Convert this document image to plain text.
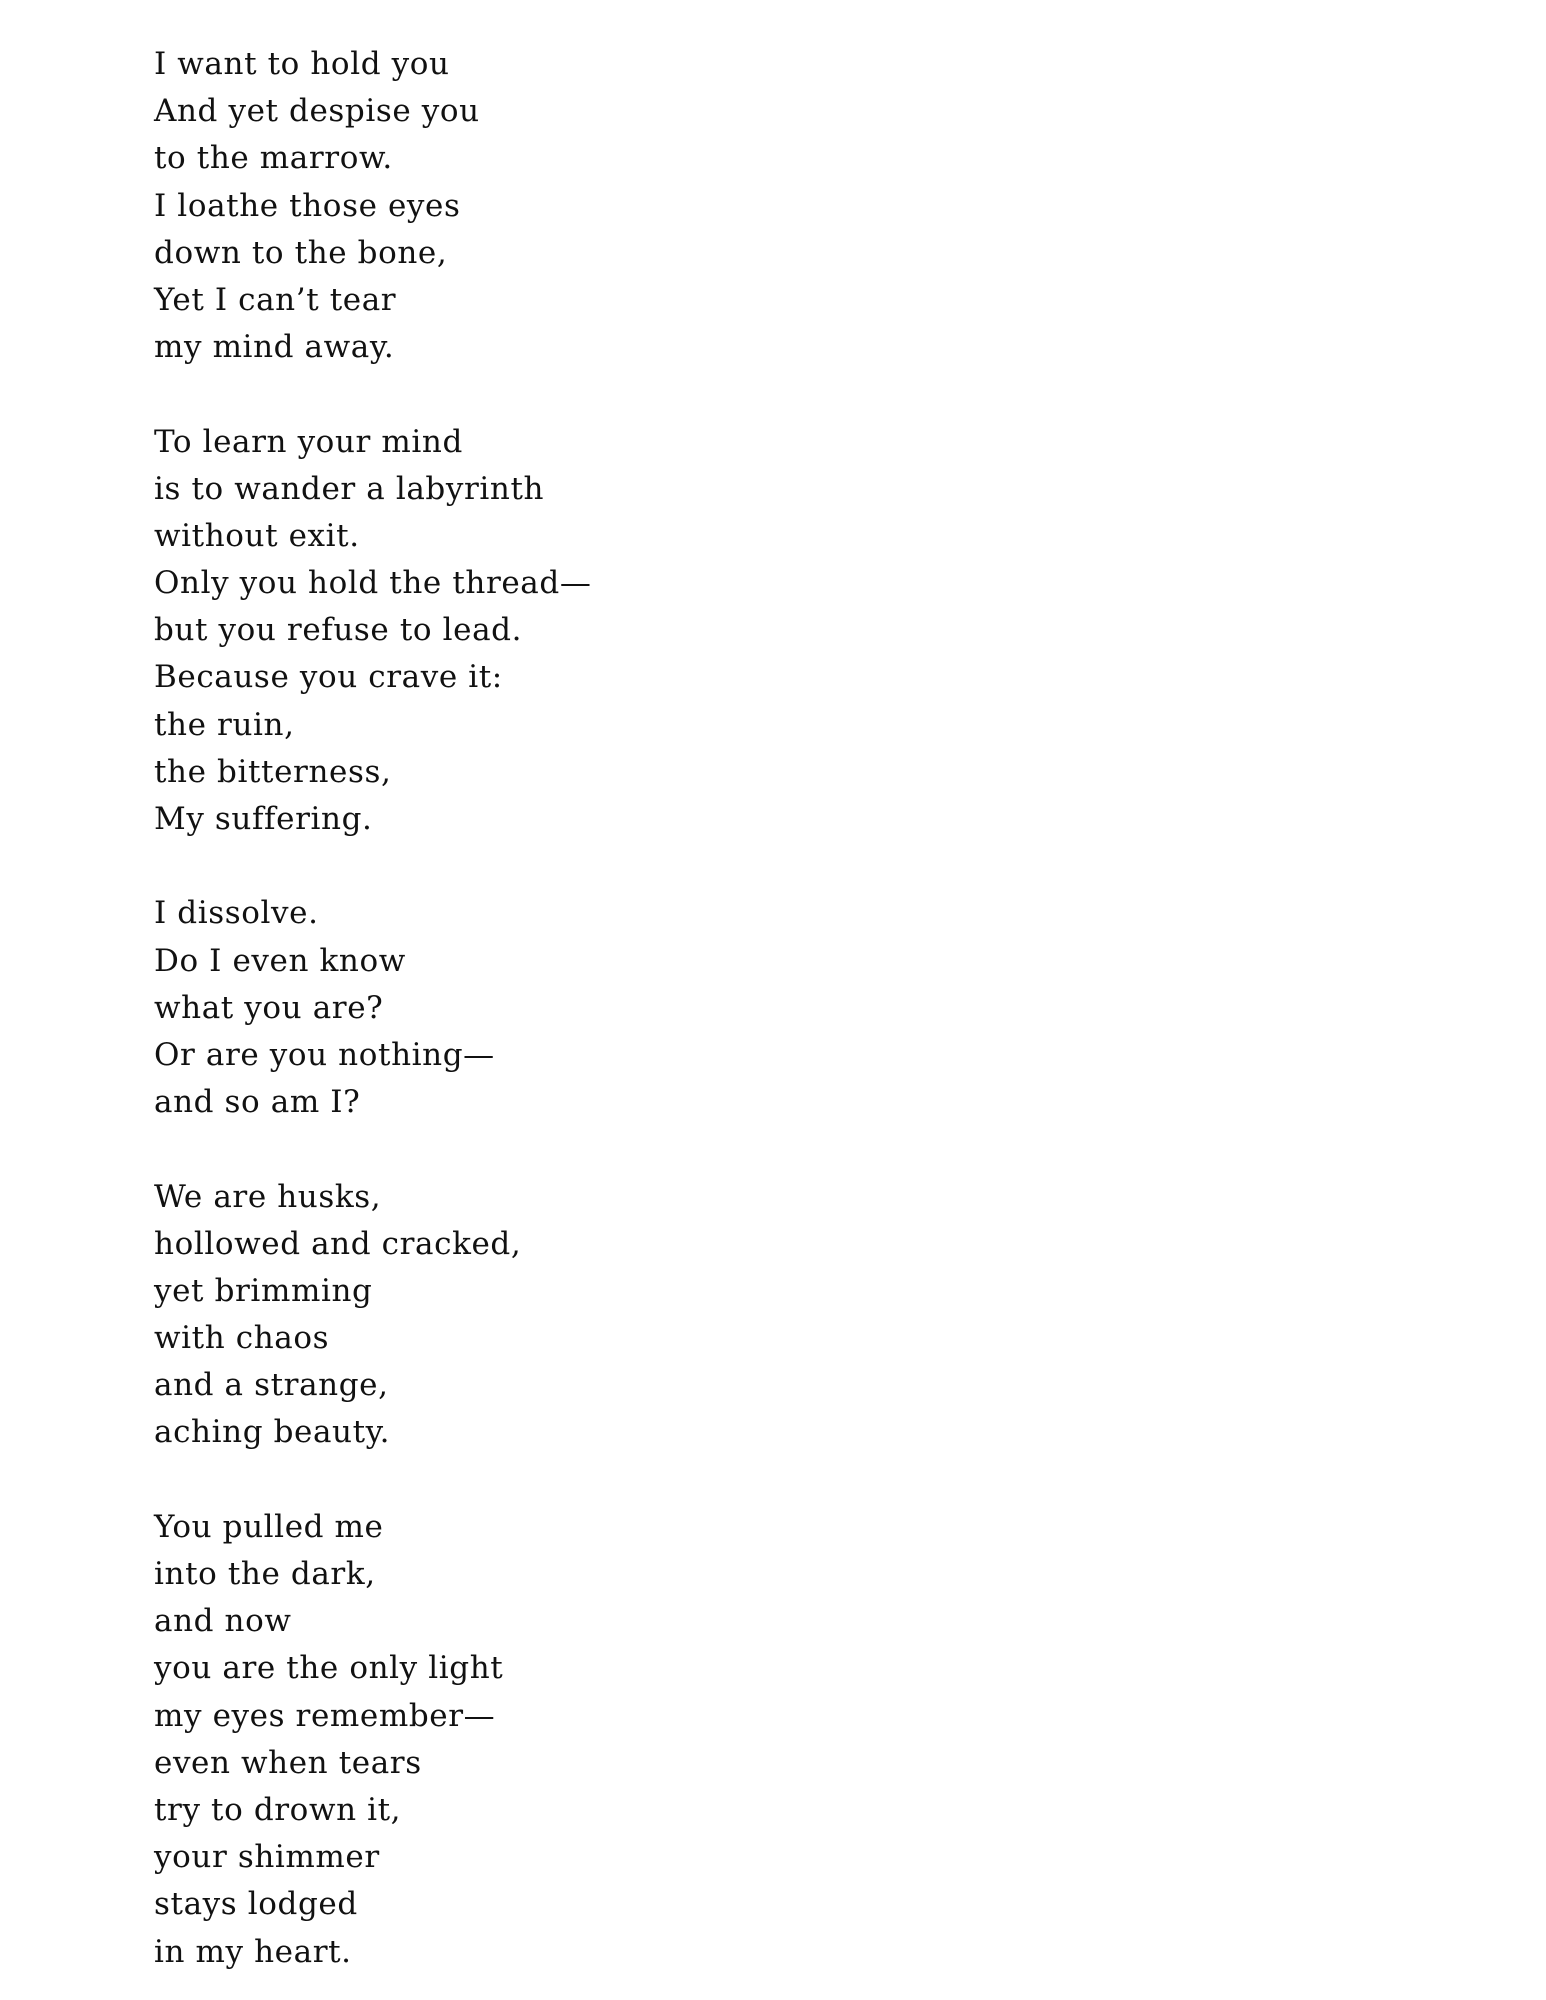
I want to hold you
And yet despise you
to the marrow.
I loathe those eyes
down to the bone,
Yet I can’t tear
my mind away.
To learn your mind
is to wander a labyrinth
without exit.
Only you hold the thread—
but you refuse to lead.
Because you crave it:
the ruin,
the bitterness,
My suffering.
I dissolve.
Do I even know
what you are?
Or are you nothing—
and so am I?
We are husks,
hollowed and cracked,
yet brimming
with chaos
and a strange,
aching beauty.
You pulled me
into the dark,
and now
you are the only light
my eyes remember—
even when tears
try to drown it,
your shimmer
stays lodged
in my heart.
